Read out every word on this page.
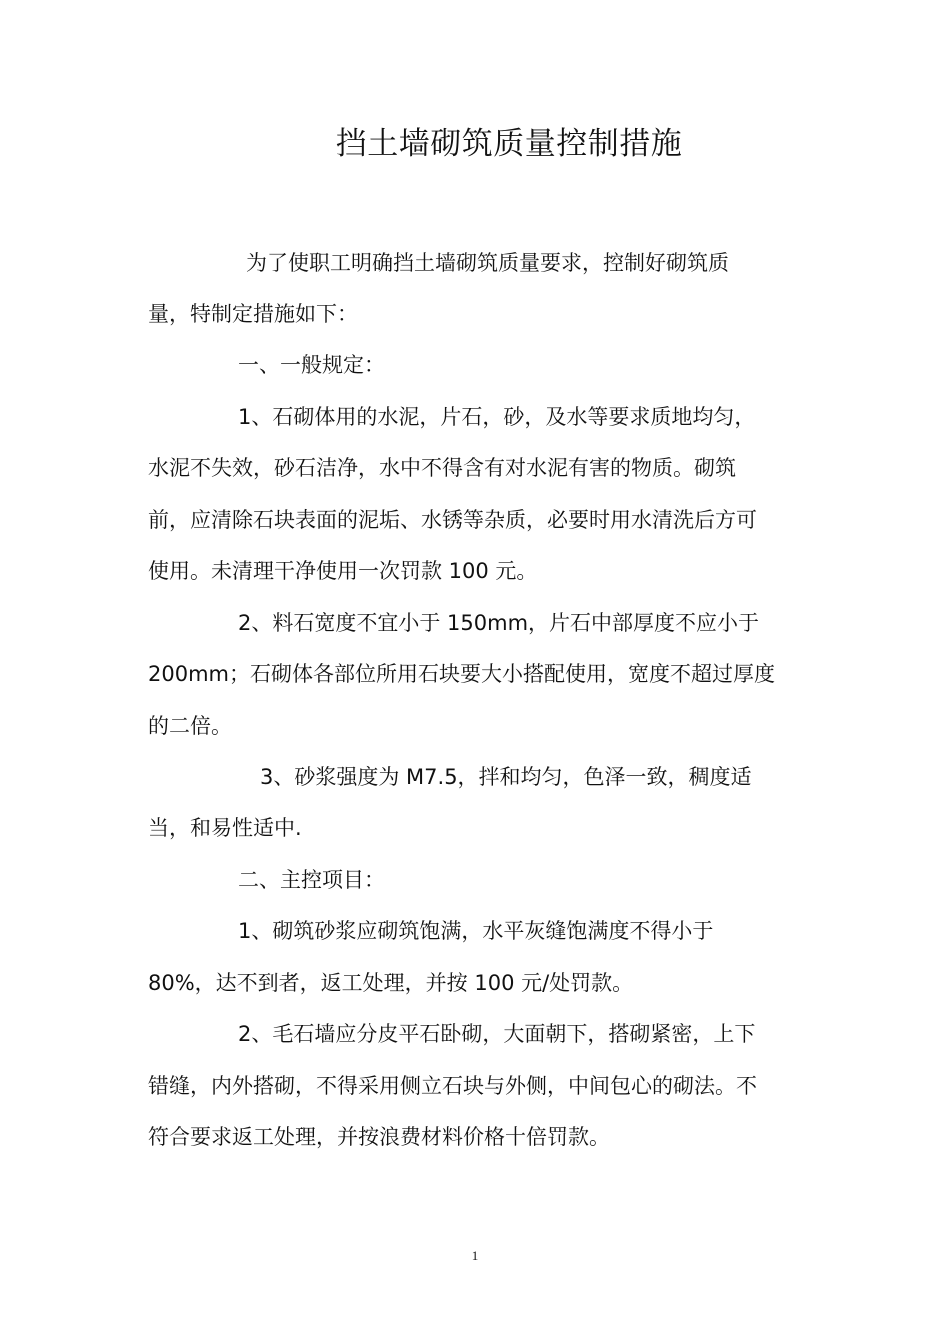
挡土墙砌筑质量控制措施
为了使职工明确挡土墙砌筑质量要求，控制好砌筑质
量，特制定措施如下：
一、一般规定：
1、石砌体用的水泥，片石，砂，及水等要求质地均匀，
水泥不失效，砂石洁净，水中不得含有对水泥有害的物质。砌筑
前，应清除石块表面的泥垢、水锈等杂质，必要时用水清洗后方可
使用。未清理干净使用一次罚款 100 元。
2、料石宽度不宜小于 150mm，片石中部厚度不应小于
200mm；石砌体各部位所用石块要大小搭配使用，宽度不超过厚度
的二倍。
3、砂浆强度为 M7.5，拌和均匀，色泽一致，稠度适
当，和易性适中.
二、主控项目：
1、砌筑砂浆应砌筑饱满，水平灰缝饱满度不得小于
80%，达不到者，返工处理，并按 100 元/处罚款。
2、毛石墙应分皮平石卧砌，大面朝下，搭砌紧密，上下
错缝，内外搭砌，不得采用侧立石块与外侧，中间包心的砌法。不
符合要求返工处理，并按浪费材料价格十倍罚款。
1
